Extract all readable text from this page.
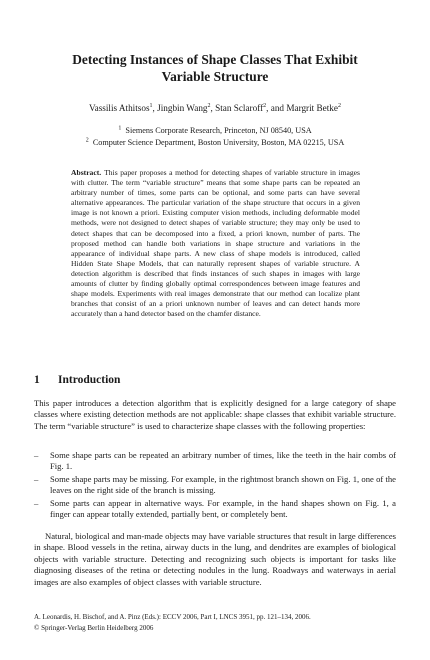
Detecting Instances of Shape Classes That Exhibit
Variable Structure
Vassilis Athitsos$^1$, Jingbin Wang$^2$, Stan Sclaroff$^2$, and Margrit Betke$^2$
$^1$ Siemens Corporate Research, Princeton, NJ 08540, USA
$^2$ Computer Science Department, Boston University, Boston, MA 02215, USA
Abstract. This paper proposes a method for detecting shapes of variable structure in images with clutter. The term “variable structure” means that some shape parts can be repeated an arbitrary number of times, some parts can be optional, and some parts can have several alternative appearances. The particular variation of the shape structure that occurs in a given image is not known a priori. Existing computer vision methods, including deformable model methods, were not designed to detect shapes of variable structure; they may only be used to detect shapes that can be decomposed into a fixed, a priori known, number of parts. The proposed method can handle both variations in shape structure and variations in the appearance of individual shape parts. A new class of shape models is introduced, called Hidden State Shape Models, that can naturally represent shapes of variable structure. A detection algorithm is described that finds instances of such shapes in images with large amounts of clutter by finding globally optimal correspondences between image features and shape models. Experiments with real images demonstrate that our method can localize plant branches that consist of an a priori unknown number of leaves and can detect hands more accurately than a hand detector based on the chamfer distance.
1 Introduction
This paper introduces a detection algorithm that is explicitly designed for a large category of shape classes where existing detection methods are not applicable: shape classes that exhibit variable structure. The term “variable structure” is used to characterize shape classes with the following properties:
– Some shape parts can be repeated an arbitrary number of times, like the teeth in the hair combs of Fig. 1.
– Some shape parts may be missing. For example, in the rightmost branch shown on Fig. 1, one of the leaves on the right side of the branch is missing.
– Some parts can appear in alternative ways. For example, in the hand shapes shown on Fig. 1, a finger can appear totally extended, partially bent, or completely bent.
Natural, biological and man-made objects may have variable structures that result in large differences in shape. Blood vessels in the retina, airway ducts in the lung, and dendrites are examples of biological objects with variable structure. Detecting and recognizing such objects is important for tasks like diagnosing diseases of the retina or detecting nodules in the lung. Roadways and waterways in aerial images are also examples of object classes with variable structure.
A. Leonardis, H. Bischof, and A. Pinz (Eds.): ECCV 2006, Part I, LNCS 3951, pp. 121–134, 2006.
© Springer-Verlag Berlin Heidelberg 2006
